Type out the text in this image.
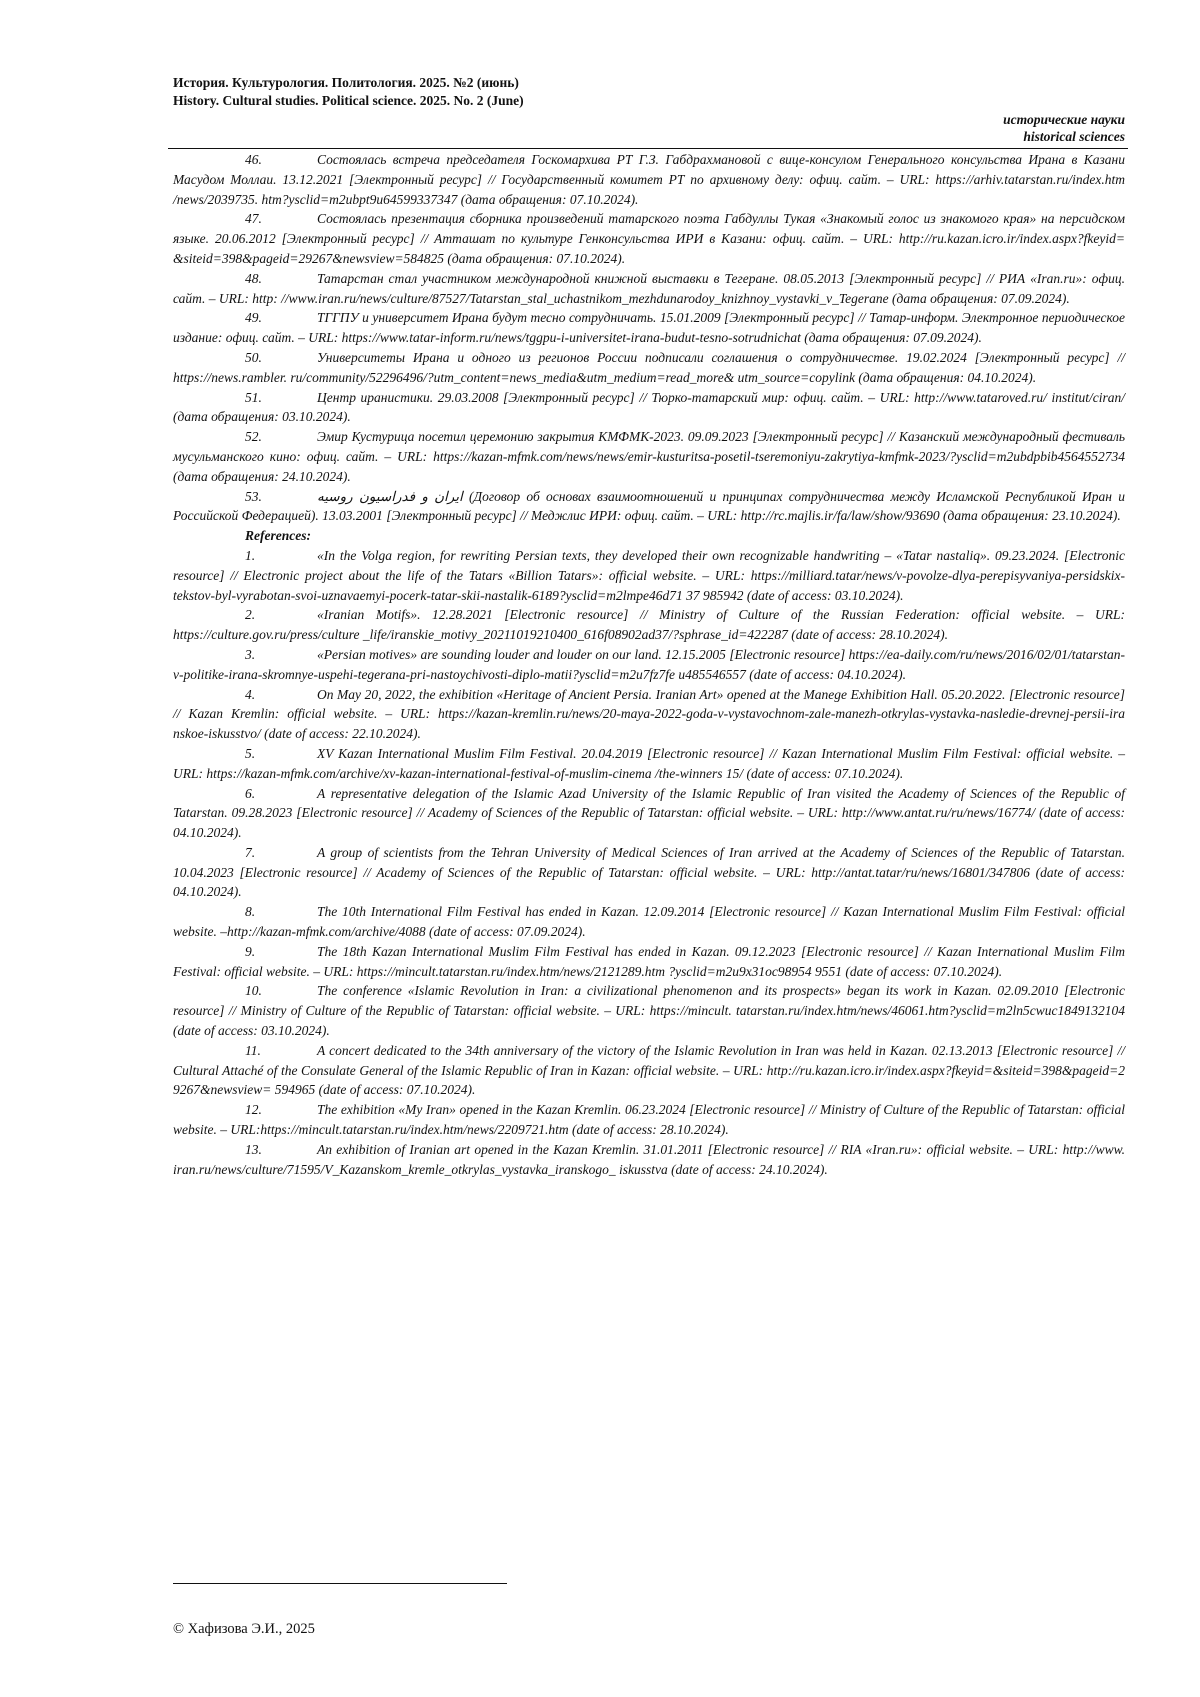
История. Культурология. Политология. 2025. №2 (июнь)
History. Cultural studies. Political science. 2025. No. 2 (June)
исторические науки
historical sciences

46.	Состоялась встреча председателя Госкомархива РТ Г.З. Габдрахмановой с вице-консулом Генерального консульства Ирана в Казани Масудом Моллаи. 13.12.2021 [Электронный ресурс] // Государственный комитет РТ по архивному делу: офиц. сайт. – URL: https://arhiv.tatarstan.ru/index.htm /news/2039735. htm?ysclid=m2ubpt9u64599337347 (дата обращения: 07.10.2024).

47.	Состоялась презентация сборника произведений татарского поэта Габдуллы Тукая «Знакомый голос из знакомого края» на персидском языке. 20.06.2012 [Электронный ресурс] // Атташат по культуре Генконсульства ИРИ в Казани: офиц. сайт. – URL: http://ru.kazan.icro.ir/index.aspx?fkeyid= &siteid=398&pageid=29267&newsview=584825 (дата обращения: 07.10.2024).

48.	Татарстан стал участником международной книжной выставки в Тегеране. 08.05.2013 [Электронный ресурс] // РИА «Iran.ru»: офиц. сайт. – URL: http: //www.iran.ru/news/culture/87527/Tatarstan_stal_uchastnikom_mezhdunarodoy_knizhnoy_vystavki_v_Tegerane (дата обращения: 07.09.2024).

49.	ТГГПУ и университет Ирана будут тесно сотрудничать. 15.01.2009 [Электронный ресурс] // Татар-информ. Электронное периодическое издание: офиц. сайт. – URL: https://www.tatar-inform.ru/news/tggpu-i-universitet-irana-budut-tesno-sotrudnichat (дата обращения: 07.09.2024).

50.	Университеты Ирана и одного из регионов России подписали соглашения о сотрудничестве. 19.02.2024 [Электронный ресурс] // https://news.rambler. ru/community/52296496/?utm_content=news_media&utm_medium=read_more& utm_source=copylink (дата обращения: 04.10.2024).

51.	Центр иранистики. 29.03.2008 [Электронный ресурс] // Тюрко-татарский мир: офиц. сайт. – URL: http://www.tataroved.ru/ institut/ciran/ (дата обращения: 03.10.2024).

52.	Эмир Кустурица посетил церемонию закрытия КМФМК-2023. 09.09.2023 [Электронный ресурс] // Казанский международный фестиваль мусульманского кино: офиц. сайт. – URL: https://kazan-mfmk.com/news/news/emir-kusturitsa-posetil-tseremoniyu-zakrytiya-kmfmk-2023/?ysclid=m2ubdpbib4564552734 (дата обращения: 24.10.2024).

53.	ایران و فدراسیون روسیه (Договор об основах взаимоотношений и принципах сотрудничества между Исламской Республикой Иран и Российской Федерацией). 13.03.2001 [Электронный ресурс] // Меджлис ИРИ: офиц. сайт. – URL: http://rc.majlis.ir/fa/law/show/93690 (дата обращения: 23.10.2024).

References:

1.	«In the Volga region, for rewriting Persian texts, they developed their own recognizable handwriting – «Tatar nastaliq». 09.23.2024. [Electronic resource] // Electronic project about the life of the Tatars «Billion Tatars»: official website. – URL: https://milliard.tatar/news/v-povolze-dlya-perepisyvaniya-persidskix-tekstov-byl-vyrabotan-svoi-uznavaemyi-pocerk-tatar-skii-nastalik-6189?ysclid=m2lmpe46d71 37 985942 (date of access: 03.10.2024).

2.	«Iranian Motifs». 12.28.2021 [Electronic resource] // Ministry of Culture of the Russian Federation: official website. – URL: https://culture.gov.ru/press/culture _life/iranskie_motivy_20211019210400_616f08902ad37/?sphrase_id=422287 (date of access: 28.10.2024).

3.	«Persian motives» are sounding louder and louder on our land. 12.15.2005 [Electronic resource] https://ea-daily.com/ru/news/2016/02/01/tatarstan-v-politike-irana-skromnye-uspehi-tegerana-pri-nastoychivosti-diplo-matii?ysclid=m2u7fz7fe u485546557 (date of access: 04.10.2024).

4.	On May 20, 2022, the exhibition «Heritage of Ancient Persia. Iranian Art» opened at the Manege Exhibition Hall. 05.20.2022. [Electronic resource] // Kazan Kremlin: official website. – URL: https://kazan-kremlin.ru/news/20-maya-2022-goda-v-vystavochnom-zale-manezh-otkrylas-vystavka-nasledie-drevnej-persii-ira nskoe-iskusstvo/ (date of access: 22.10.2024).

5.	XV Kazan International Muslim Film Festival. 20.04.2019 [Electronic resource] // Kazan International Muslim Film Festival: official website. – URL: https://kazan-mfmk.com/archive/xv-kazan-international-festival-of-muslim-cinema /the-winners 15/ (date of access: 07.10.2024).

6.	A representative delegation of the Islamic Azad University of the Islamic Republic of Iran visited the Academy of Sciences of the Republic of Tatarstan. 09.28.2023 [Electronic resource] // Academy of Sciences of the Republic of Tatarstan: official website. – URL: http://www.antat.ru/ru/news/16774/ (date of access: 04.10.2024).

7.	A group of scientists from the Tehran University of Medical Sciences of Iran arrived at the Academy of Sciences of the Republic of Tatarstan. 10.04.2023 [Electronic resource] // Academy of Sciences of the Republic of Tatarstan: official website. – URL: http://antat.tatar/ru/news/16801/347806 (date of access: 04.10.2024).

8.	The 10th International Film Festival has ended in Kazan. 12.09.2014 [Electronic resource] // Kazan International Muslim Film Festival: official website. –http://kazan-mfmk.com/archive/4088 (date of access: 07.09.2024).

9.	The 18th Kazan International Muslim Film Festival has ended in Kazan. 09.12.2023 [Electronic resource] // Kazan International Muslim Film Festival: official website. – URL: https://mincult.tatarstan.ru/index.htm/news/2121289.htm ?ysclid=m2u9x31oc98954 9551 (date of access: 07.10.2024).

10.	The conference «Islamic Revolution in Iran: a civilizational phenomenon and its prospects» began its work in Kazan. 02.09.2010 [Electronic resource] // Ministry of Culture of the Republic of Tatarstan: official website. – URL: https://mincult. tatarstan.ru/index.htm/news/46061.htm?ysclid=m2ln5cwuc1849132104 (date of access: 03.10.2024).

11.	A concert dedicated to the 34th anniversary of the victory of the Islamic Revolution in Iran was held in Kazan. 02.13.2013 [Electronic resource] // Cultural Attaché of the Consulate General of the Islamic Republic of Iran in Kazan: official website. – URL: http://ru.kazan.icro.ir/index.aspx?fkeyid=&siteid=398&pageid=2 9267&newsview= 594965 (date of access: 07.10.2024).

12.	The exhibition «My Iran» opened in the Kazan Kremlin. 06.23.2024 [Electronic resource] // Ministry of Culture of the Republic of Tatarstan: official website. – URL:https://mincult.tatarstan.ru/index.htm/news/2209721.htm (date of access: 28.10.2024).

13.	An exhibition of Iranian art opened in the Kazan Kremlin. 31.01.2011 [Electronic resource] // RIA «Iran.ru»: official website. – URL: http://www. iran.ru/news/culture/71595/V_Kazanskom_kremle_otkrylas_vystavka_iranskogo_ iskusstva (date of access: 24.10.2024).

© Хафизова Э.И., 2025
